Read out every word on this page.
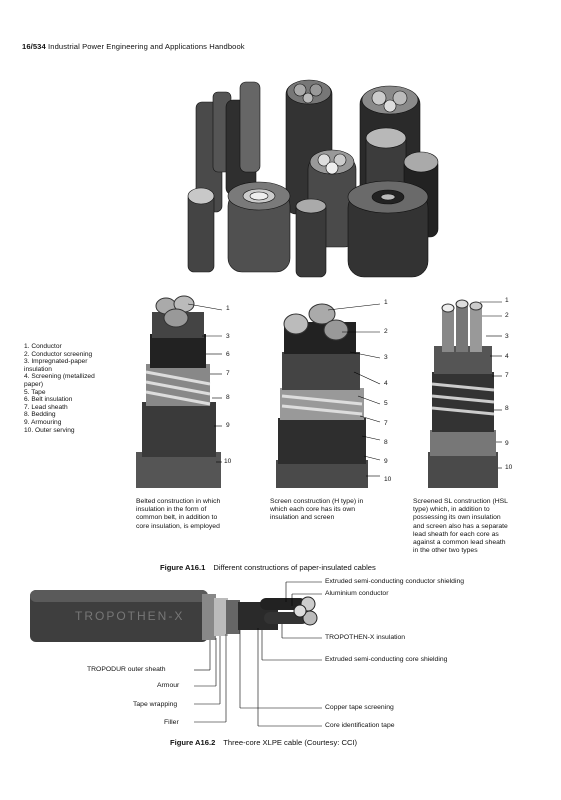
16/534 Industrial Power Engineering and Applications Handbook
1. Conductor
2. Conductor screening
3. Impregnated-paper
insulation
4. Screening (metallized
paper)
5. Tape
6. Belt insulation
7. Lead sheath
8. Bedding
9. Armouring
10. Outer serving
1
3
6
7
8
9
10
1
2
3
4
5
7
8
9
10
1
2
3
4
7
8
9
10
Belted construction in which
insulation in the form of
common belt, in addition to
core insulation, is employed
Screen construction (H type) in
which each core has its own
insulation and screen
Screened SL construction (HSL
type) which, in addition to
possessing its own insulation
and screen also has a separate
lead sheath for each core as
against a common lead sheath
in the other two types
Figure A16.1 Different constructions of paper-insulated cables
TROPOTHEN-X
Extruded semi-conducting conductor shielding
Aluminium conductor
TROPOTHEN-X insulation
Extruded semi-conducting core shielding
TROPODUR outer sheath
Armour
Tape wrapping
Filler
Copper tape screening
Core identification tape
Figure A16.2 Three-core XLPE cable (Courtesy: CCI)
